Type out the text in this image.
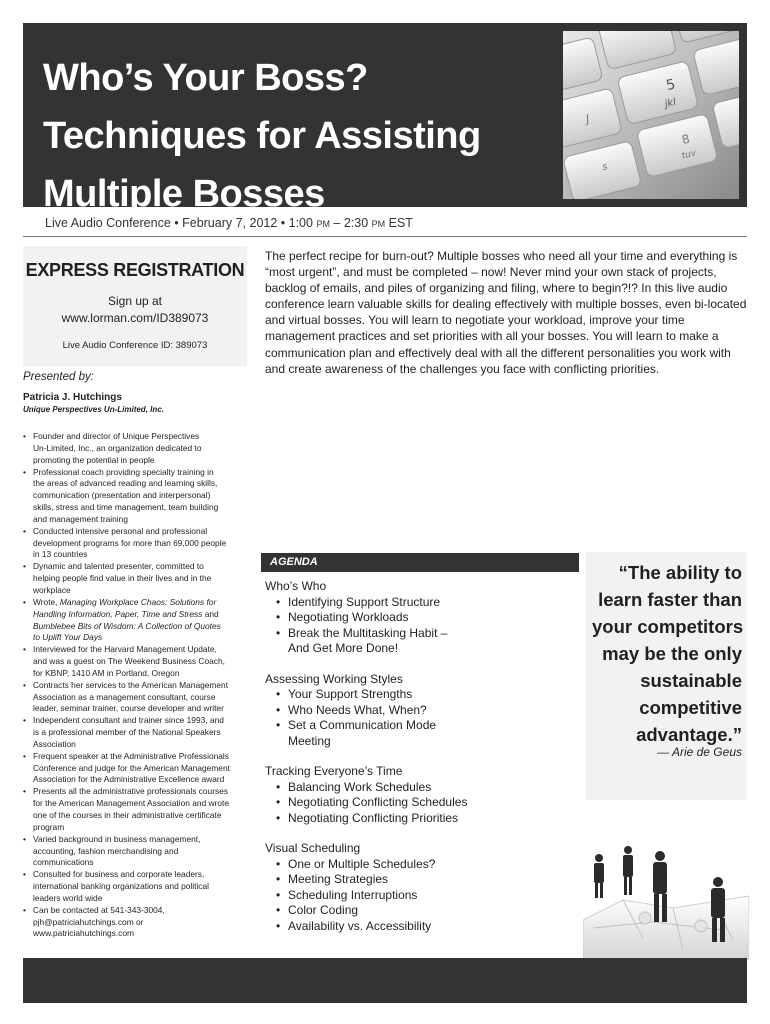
Who’s Your Boss?
Techniques for Assisting
Multiple Bosses
5
jkl
8
tuv
J
s
Live Audio Conference • February 7, 2012 • 1:00 PM – 2:30 PM EST
EXPRESS REGISTRATION
Sign up at
www.lorman.com/ID389073
Live Audio Conference ID: 389073
The perfect recipe for burn-out? Multiple bosses who need all your time and everything is “most urgent”, and must be completed – now! Never mind your own stack of projects, backlog of emails, and piles of organizing and filing, where to begin?!? In this live audio conference learn valuable skills for dealing effectively with multiple bosses, even bi-located and virtual bosses. You will learn to negotiate your workload, improve your time management practices and set priorities with all your bosses. You will learn to make a communication plan and effectively deal with all the different personalities you work with and create awareness of the challenges you face with conflicting priorities.
Presented by:
Patricia J. Hutchings
Unique Perspectives Un-Limited, Inc.
• Founder and director of Unique Perspectives
Un-Limited, Inc., an organization dedicated to
promoting the potential in people
• Professional coach providing specialty training in
the areas of advanced reading and learning skills,
communication (presentation and interpersonal)
skills, stress and time management, team building
and management training
• Conducted intensive personal and professional
development programs for more than 69,000 people
in 13 countries
• Dynamic and talented presenter, committed to
helping people find value in their lives and in the
workplace
• Wrote, Managing Workplace Chaos: Solutions for
Handling Information, Paper, Time and Stress and
Bumblebee Bits of Wisdom: A Collection of Quotes
to Uplift Your Days
• Interviewed for the Harvard Management Update,
and was a guest on The Weekend Business Coach,
for KBNP, 1410 AM in Portland, Oregon
• Contracts her services to the American Management
Association as a management consultant, course
leader, seminar trainer, course developer and writer
• Independent consultant and trainer since 1993, and
is a professional member of the National Speakers
Association
• Frequent speaker at the Administrative Professionals
Conference and judge for the American Management
Association for the Administrative Excellence award
• Presents all the administrative professionals courses
for the American Management Association and wrote
one of the courses in their administrative certificate
program
• Varied background in business management,
accounting, fashion merchandising and
communications
• Consulted for business and corporate leaders,
international banking organizations and political
leaders world wide
• Can be contacted at 541-343-3004,
pjh@patriciahutchings.com or
www.patriciahutchings.com
AGENDA
Who’s Who
• Identifying Support Structure
• Negotiating Workloads
• Break the Multitasking Habit –
And Get More Done!
Assessing Working Styles
• Your Support Strengths
• Who Needs What, When?
• Set a Communication Mode
Meeting
Tracking Everyone’s Time
• Balancing Work Schedules
• Negotiating Conflicting Schedules
• Negotiating Conflicting Priorities
Visual Scheduling
• One or Multiple Schedules?
• Meeting Strategies
• Scheduling Interruptions
• Color Coding
• Availability vs. Accessibility
“The ability to
learn faster than
your competitors
may be the only
sustainable
competitive
advantage.”
— Arie de Geus
